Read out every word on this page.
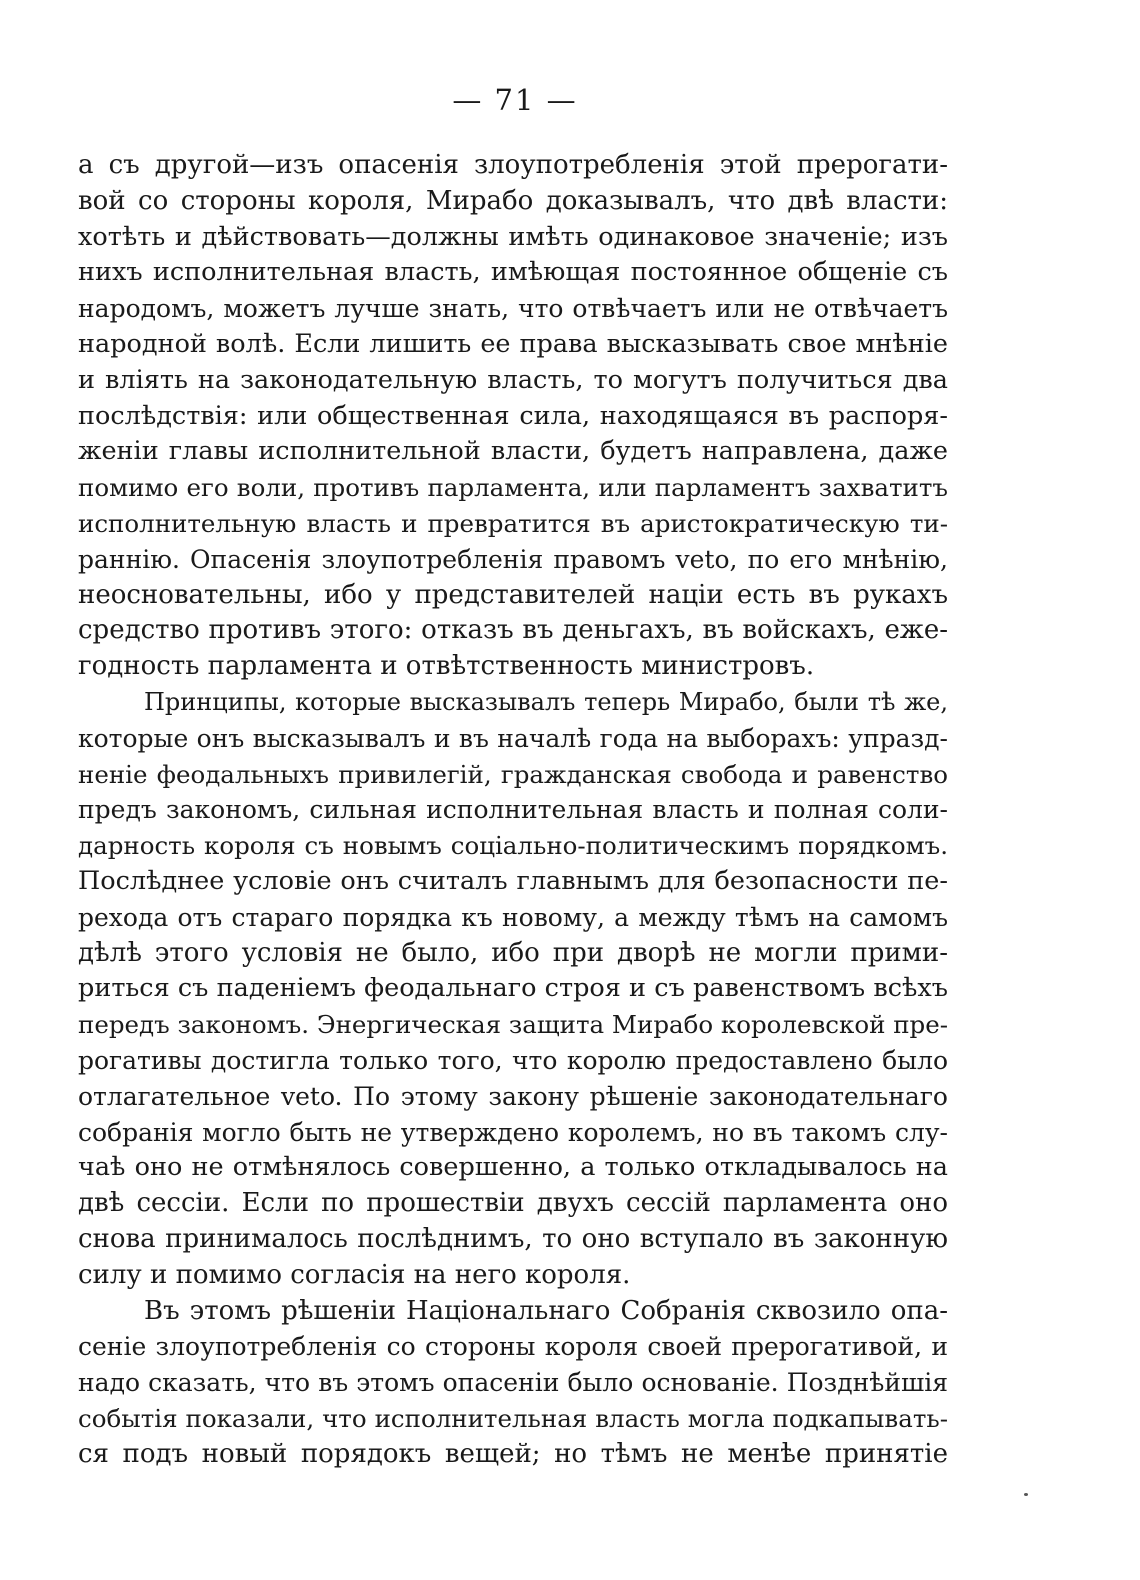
— 71 —
а съ другой—изъ опасенія злоупотребленія этой прерогати-
вой со стороны короля, Мирабо доказывалъ, что двѣ власти:
хотѣть и дѣйствовать—должны имѣть одинаковое значеніе; изъ
нихъ исполнительная власть, имѣющая постоянное общеніе съ
народомъ, можетъ лучше знать, что отвѣчаетъ или не отвѣчаетъ
народной волѣ. Если лишить ее права высказывать свое мнѣніе
и влiять на законодательную власть, то могутъ получиться два
послѣдствія: или общественная сила, находящаяся въ распоря-
женіи главы исполнительной власти, будетъ направлена, даже
помимо его воли, противъ парламента, или парламентъ захватитъ
исполнительную власть и превратится въ аристократическую ти-
раннію. Опасенія злоупотребленія правомъ veto, по его мнѣнію,
неосновательны, ибо у представителей націи есть въ рукахъ
средство противъ этого: отказъ въ деньгахъ, въ войскахъ, еже-
годность парламента и отвѣтственность министровъ.
Принципы, которые высказывалъ теперь Мирабо, были тѣ же,
которые онъ высказывалъ и въ началѣ года на выборахъ: упразд-
неніе феодальныхъ привилегій, гражданская свобода и равенство
предъ закономъ, сильная исполнительная власть и полная соли-
дарность короля съ новымъ соціально-политическимъ порядкомъ.
Послѣднее условіе онъ считалъ главнымъ для безопасности пе-
рехода отъ стараго порядка къ новому, а между тѣмъ на самомъ
дѣлѣ этого условія не было, ибо при дворѣ не могли прими-
риться съ паденіемъ феодальнаго строя и съ равенствомъ всѣхъ
передъ закономъ. Энергическая защита Мирабо королевской пре-
рогативы достигла только того, что королю предоставлено было
отлагательное veto. По этому закону рѣшеніе законодательнаго
собранія могло быть не утверждено королемъ, но въ такомъ слу-
чаѣ оно не отмѣнялось совершенно, а только откладывалось на
двѣ сессіи. Если по прошествіи двухъ сессій парламента оно
снова принималось послѣднимъ, то оно вступало въ законную
силу и помимо согласія на него короля.
Въ этомъ рѣшеніи Національнаго Собранія сквозило опа-
сеніе злоупотребленія со стороны короля своей прерогативой, и
надо сказать, что въ этомъ опасеніи было основаніе. Позднѣйшія
событія показали, что исполнительная власть могла подкапывать-
ся подъ новый порядокъ вещей; но тѣмъ не менѣе принятіе
